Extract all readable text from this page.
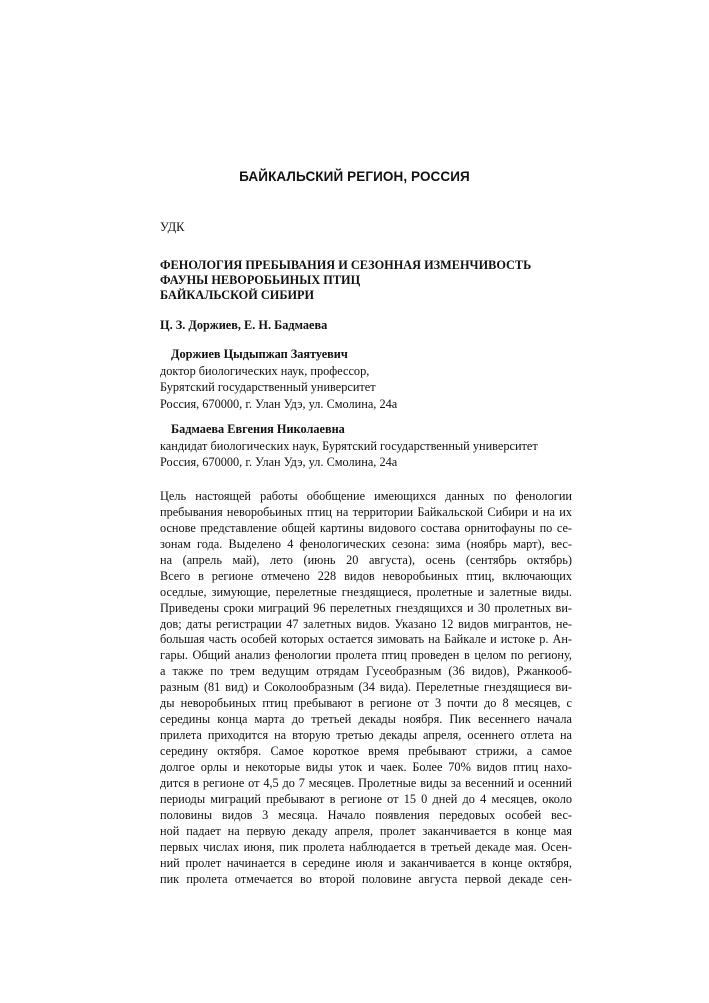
БАЙКАЛЬСКИЙ РЕГИОН, РОССИЯ
УДК
ФЕНОЛОГИЯ ПРЕБЫВАНИЯ И СЕЗОННАЯ ИЗМЕНЧИВОСТЬ
ФАУНЫ НЕВОРОБЬИНЫХ ПТИЦ
БАЙКАЛЬСКОЙ СИБИРИ
Ц. З. Доржиев, Е. Н. Бадмаева
Доржиев Цыдыпжап Заятуевич
доктор биологических наук, профессор,
Бурятский государственный университет
Россия, 670000, г. Улан Удэ, ул. Смолина, 24а
Бадмаева Евгения Николаевна
кандидат биологических наук, Бурятский государственный университет
Россия, 670000, г. Улан Удэ, ул. Смолина, 24а
Цель настоящей работы обобщение имеющихся данных по фенологии
пребывания неворобьиных птиц на территории Байкальской Сибири и на их
основе представление общей картины видового состава орнитофауны по се-
зонам года. Выделено 4 фенологических сезона: зима (ноябрь март), вес-
на (апрель май), лето (июнь 20 августа), осень (сентябрь октябрь)
Всего в регионе отмечено 228 видов неворобьиных птиц, включающих
оседлые, зимующие, перелетные гнездящиеся, пролетные и залетные виды.
Приведены сроки миграций 96 перелетных гнездящихся и 30 пролетных ви-
дов; даты регистрации 47 залетных видов. Указано 12 видов мигрантов, не-
большая часть особей которых остается зимовать на Байкале и истоке р. Ан-
гары. Общий анализ фенологии пролета птиц проведен в целом по региону,
а также по трем ведущим отрядам Гусеобразным (36 видов), Ржанкооб-
разным (81 вид) и Соколообразным (34 вида). Перелетные гнездящиеся ви-
ды неворобьиных птиц пребывают в регионе от 3 почти до 8 месяцев, с
середины конца марта до третьей декады ноября. Пик весеннего начала
прилета приходится на вторую третью декады апреля, осеннего отлета на
середину октября. Самое короткое время пребывают стрижи, а самое
долгое орлы и некоторые виды уток и чаек. Более 70% видов птиц нахо-
дится в регионе от 4,5 до 7 месяцев. Пролетные виды за весенний и осенний
периоды миграций пребывают в регионе от 15 0 дней до 4 месяцев, около
половины видов 3 месяца. Начало появления передовых особей вес-
ной падает на первую декаду апреля, пролет заканчивается в конце мая
первых числах июня, пик пролета наблюдается в третьей декаде мая. Осен-
ний пролет начинается в середине июля и заканчивается в конце октября,
пик пролета отмечается во второй половине августа первой декаде сен-
